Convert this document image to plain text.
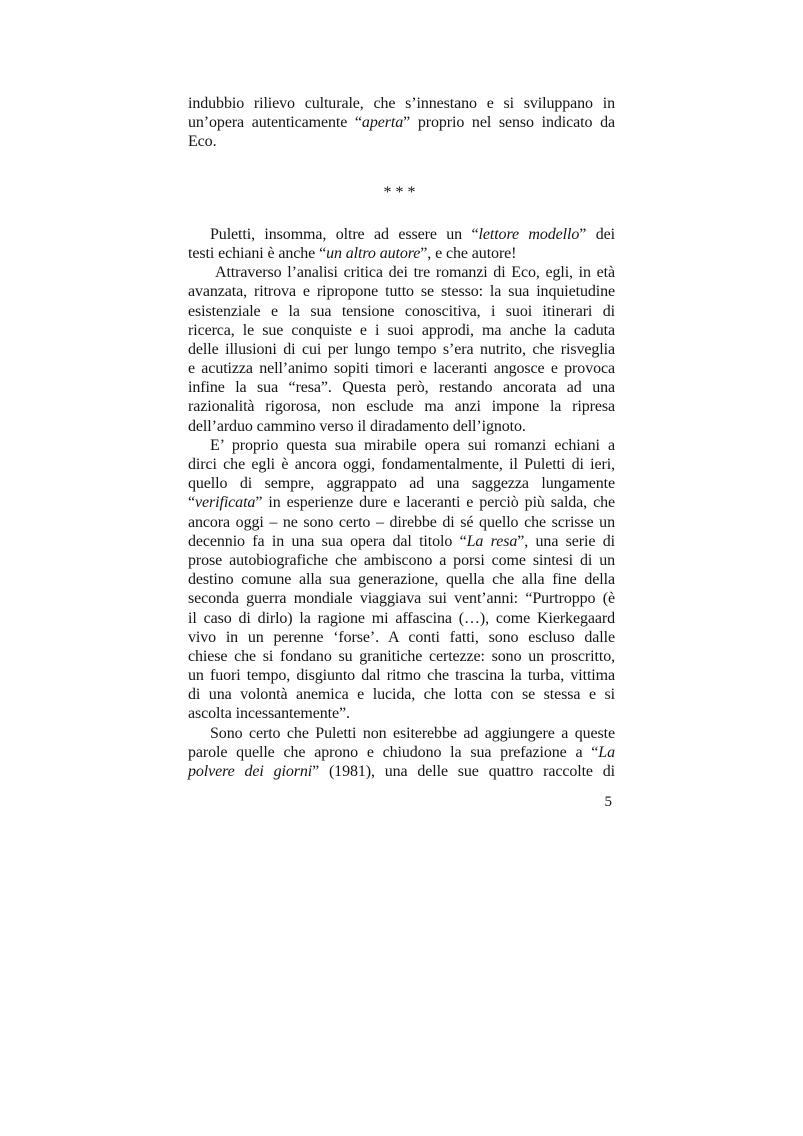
indubbio rilievo culturale, che s’innestano e si sviluppano in
un’opera autenticamente “aperta” proprio nel senso indicato da
Eco.
***
Puletti, insomma, oltre ad essere un “lettore modello” dei
testi echiani è anche “un altro autore”, e che autore!
Attraverso l’analisi critica dei tre romanzi di Eco, egli, in età
avanzata, ritrova e ripropone tutto se stesso: la sua inquietudine
esistenziale e la sua tensione conoscitiva, i suoi itinerari di
ricerca, le sue conquiste e i suoi approdi, ma anche la caduta
delle illusioni di cui per lungo tempo s’era nutrito, che risveglia
e acutizza nell’animo sopiti timori e laceranti angosce e provoca
infine la sua “resa”. Questa però, restando ancorata ad una
razionalità rigorosa, non esclude ma anzi impone la ripresa
dell’arduo cammino verso il diradamento dell’ignoto.
E’ proprio questa sua mirabile opera sui romanzi echiani a
dirci che egli è ancora oggi, fondamentalmente, il Puletti di ieri,
quello di sempre, aggrappato ad una saggezza lungamente
“verificata” in esperienze dure e laceranti e perciò più salda, che
ancora oggi – ne sono certo – direbbe di sé quello che scrisse un
decennio fa in una sua opera dal titolo “La resa”, una serie di
prose autobiografiche che ambiscono a porsi come sintesi di un
destino comune alla sua generazione, quella che alla fine della
seconda guerra mondiale viaggiava sui vent’anni: “Purtroppo (è
il caso di dirlo) la ragione mi affascina (…), come Kierkegaard
vivo in un perenne ‘forse’. A conti fatti, sono escluso dalle
chiese che si fondano su granitiche certezze: sono un proscritto,
un fuori tempo, disgiunto dal ritmo che trascina la turba, vittima
di una volontà anemica e lucida, che lotta con se stessa e si
ascolta incessantemente”.
Sono certo che Puletti non esiterebbe ad aggiungere a queste
parole quelle che aprono e chiudono la sua prefazione a “La
polvere dei giorni” (1981), una delle sue quattro raccolte di
5
